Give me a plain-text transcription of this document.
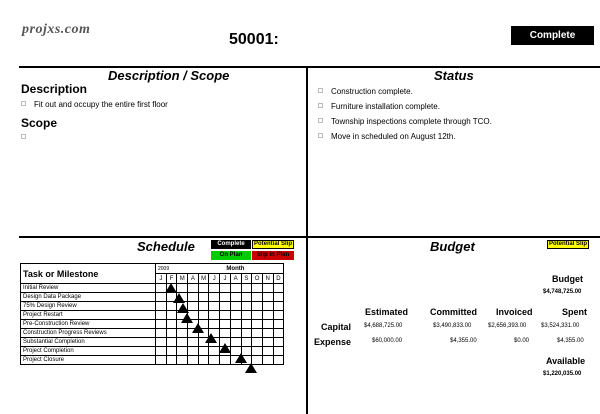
projxs.com
50001:	Complete
Description / Scope
Description
Fit out and occupy the entire first floor
Scope
Status
Construction complete.
Furniture installation complete.
Township inspections complete through TCO.
Move in scheduled on August 12th.
Schedule	Complete	Potential Slip
On Plan	Slip in Plan
Task or Milestone	2009			Month								
	J	F	M	A	M	J	J	A	S	O	N	D
Initial Review												
Design Data Package												
75% Design Review												
Project Restart												
Pre-Construction Review												
Construction Progress Reviews												
Substantial Completion												
Project Completion												
Project Closure												
Budget	Potential Slip
Budget
$4,748,725.00
Estimated Committed Invoiced	Spent
Capital $4,688,725.00	$3,490,833.00	$2,656,393.00 $3,524,331.00
Expense	$60,000.00	$4,355.00	$0.00	$4,355.00
Available
$1,220,035.00
